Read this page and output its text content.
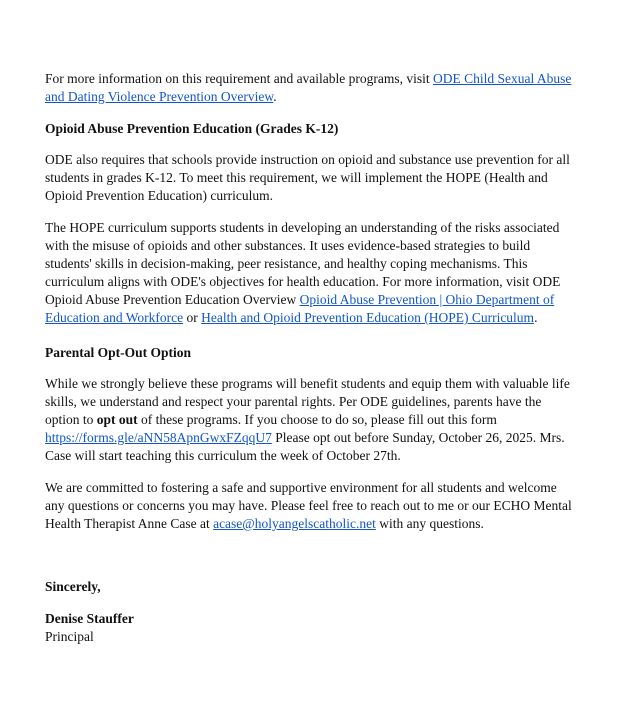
For more information on this requirement and available programs, visit ODE Child Sexual Abuse and Dating Violence Prevention Overview.

Opioid Abuse Prevention Education (Grades K-12)

ODE also requires that schools provide instruction on opioid and substance use prevention for all students in grades K-12. To meet this requirement, we will implement the HOPE (Health and Opioid Prevention Education) curriculum.

The HOPE curriculum supports students in developing an understanding of the risks associated with the misuse of opioids and other substances. It uses evidence-based strategies to build students' skills in decision-making, peer resistance, and healthy coping mechanisms. This curriculum aligns with ODE's objectives for health education. For more information, visit ODE Opioid Abuse Prevention Education Overview Opioid Abuse Prevention | Ohio Department of Education and Workforce or Health and Opioid Prevention Education (HOPE) Curriculum.

Parental Opt-Out Option

While we strongly believe these programs will benefit students and equip them with valuable life skills, we understand and respect your parental rights. Per ODE guidelines, parents have the option to opt out of these programs. If you choose to do so, please fill out this form https://forms.gle/aNN58ApnGwxFZqqU7 Please opt out before Sunday, October 26, 2025. Mrs. Case will start teaching this curriculum the week of October 27th.

We are committed to fostering a safe and supportive environment for all students and welcome any questions or concerns you may have. Please feel free to reach out to me or our ECHO Mental Health Therapist Anne Case at acase@holyangelscatholic.net with any questions.

Sincerely,

Denise Stauffer
Principal
